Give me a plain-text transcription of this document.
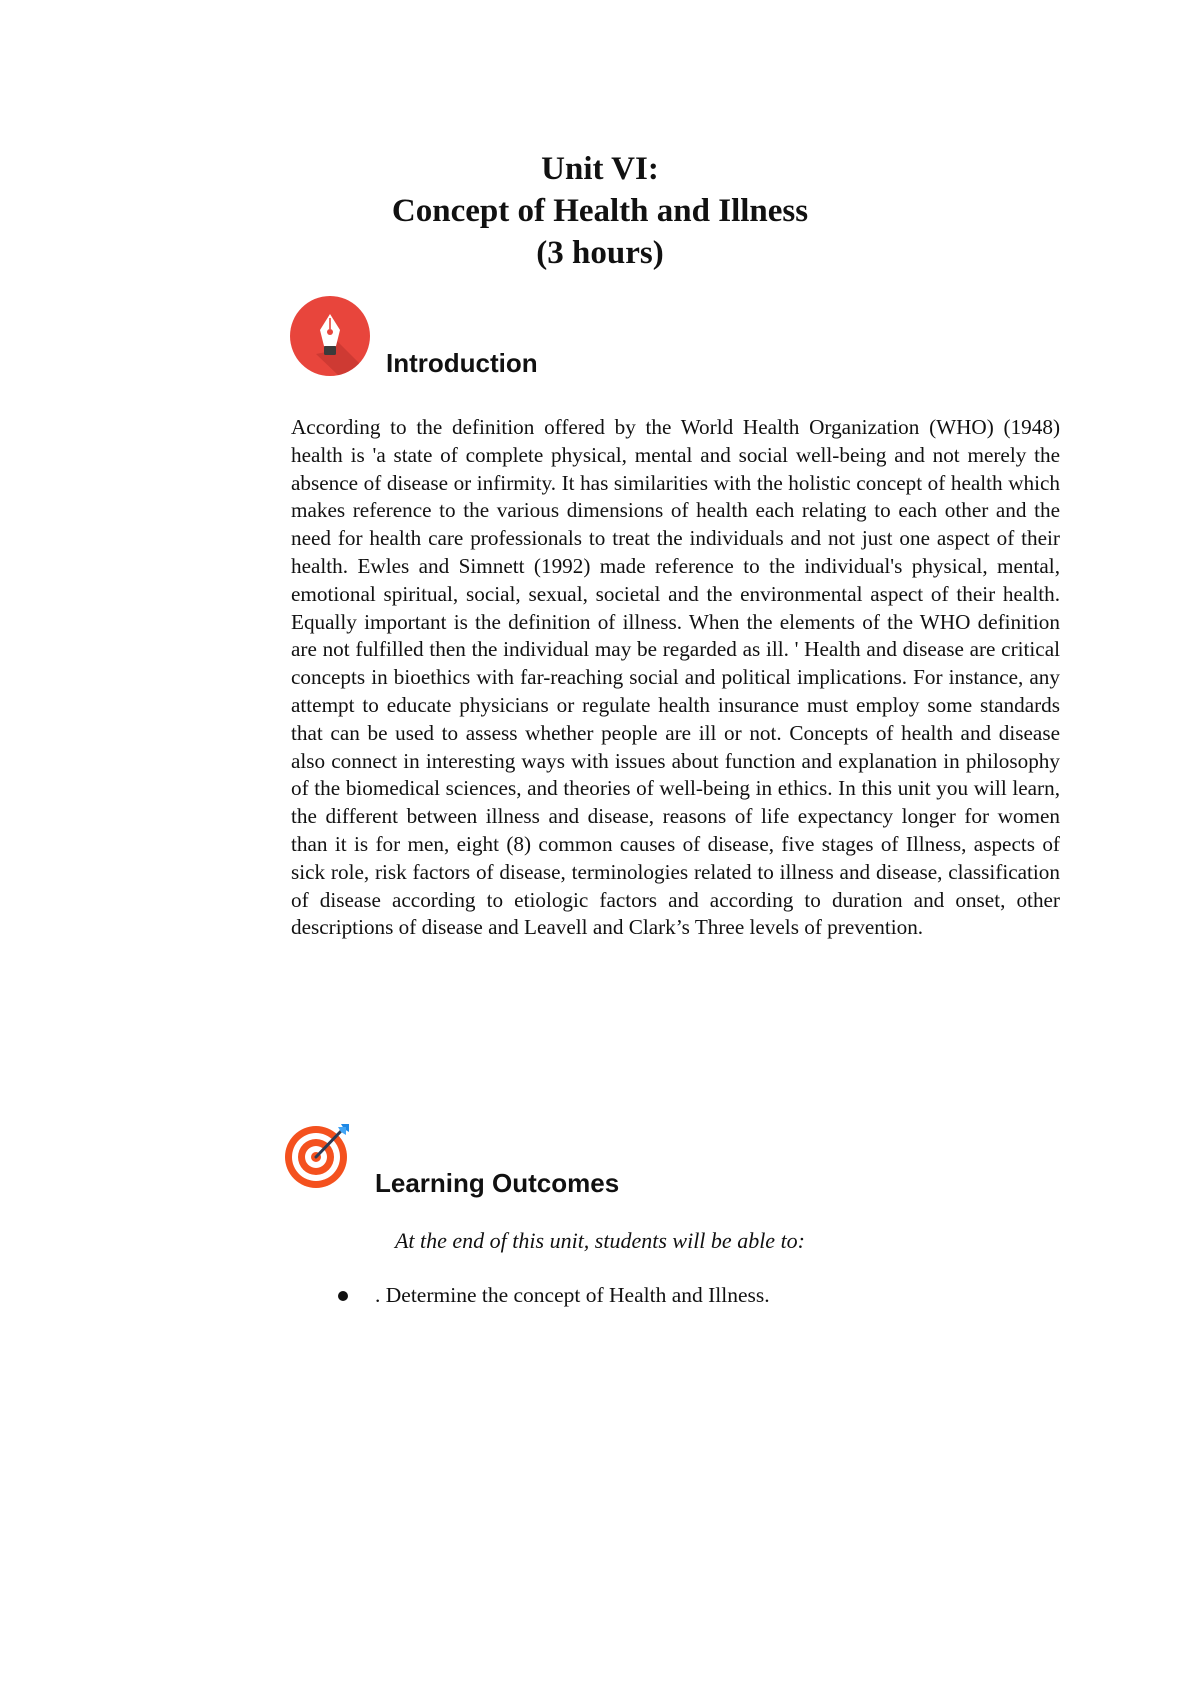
Unit VI:
Concept of Health and Illness
(3 hours)
Introduction

According to the definition offered by the World Health Organization (WHO) (1948) health is 'a state of complete physical, mental and social well-being and not merely the absence of disease or infirmity. It has similarities with the holistic concept of health which makes reference to the various dimensions of health each relating to each other and the need for health care professionals to treat the individuals and not just one aspect of their health. Ewles and Simnett (1992) made reference to the individual's physical, mental, emotional spiritual, social, sexual, societal and the environmental aspect of their health. Equally important is the definition of illness. When the elements of the WHO definition are not fulfilled then the individual may be regarded as ill. ' Health and disease are critical concepts in bioethics with far-reaching social and political implications. For instance, any attempt to educate physicians or regulate health insurance must employ some standards that can be used to assess whether people are ill or not. Concepts of health and disease also connect in interesting ways with issues about function and explanation in philosophy of the biomedical sciences, and theories of well-being in ethics. In this unit you will learn, the different between illness and disease, reasons of life expectancy longer for women than it is for men, eight (8) common causes of disease, five stages of Illness, aspects of sick role, risk factors of disease, terminologies related to illness and disease, classification of disease according to etiologic factors and according to duration and onset, other descriptions of disease and Leavell and Clark’s Three levels of prevention.

Learning Outcomes

At the end of this unit, students will be able to:

. Determine the concept of Health and Illness.
